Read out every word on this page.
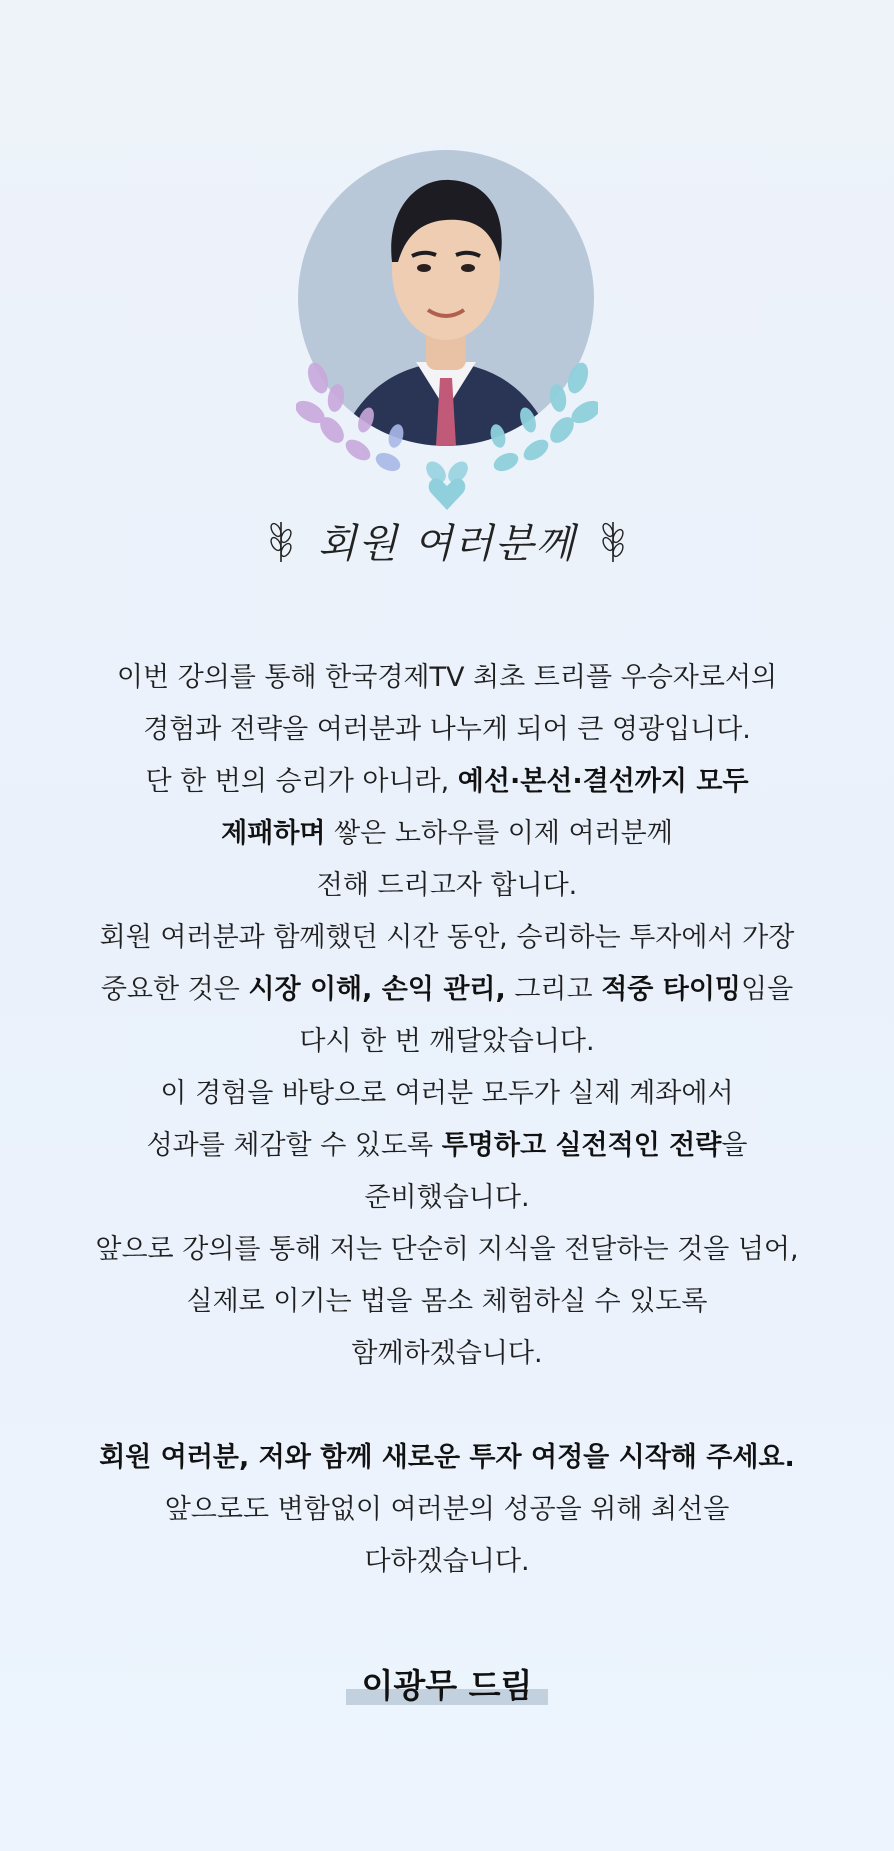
회원 여러분께

이번 강의를 통해 한국경제TV 최초 트리플 우승자로서의

경험과 전략을 여러분과 나누게 되어 큰 영광입니다.

단 한 번의 승리가 아니라, 예선·본선·결선까지 모두

제패하며 쌓은 노하우를 이제 여러분께

전해 드리고자 합니다.

회원 여러분과 함께했던 시간 동안, 승리하는 투자에서 가장

중요한 것은 시장 이해, 손익 관리, 그리고 적중 타이밍임을

다시 한 번 깨달았습니다.

이 경험을 바탕으로 여러분 모두가 실제 계좌에서

성과를 체감할 수 있도록 투명하고 실전적인 전략을

준비했습니다.

앞으로 강의를 통해 저는 단순히 지식을 전달하는 것을 넘어,

실제로 이기는 법을 몸소 체험하실 수 있도록

함께하겠습니다.

회원 여러분, 저와 함께 새로운 투자 여정을 시작해 주세요.

앞으로도 변함없이 여러분의 성공을 위해 최선을

다하겠습니다.

이광무 드림
